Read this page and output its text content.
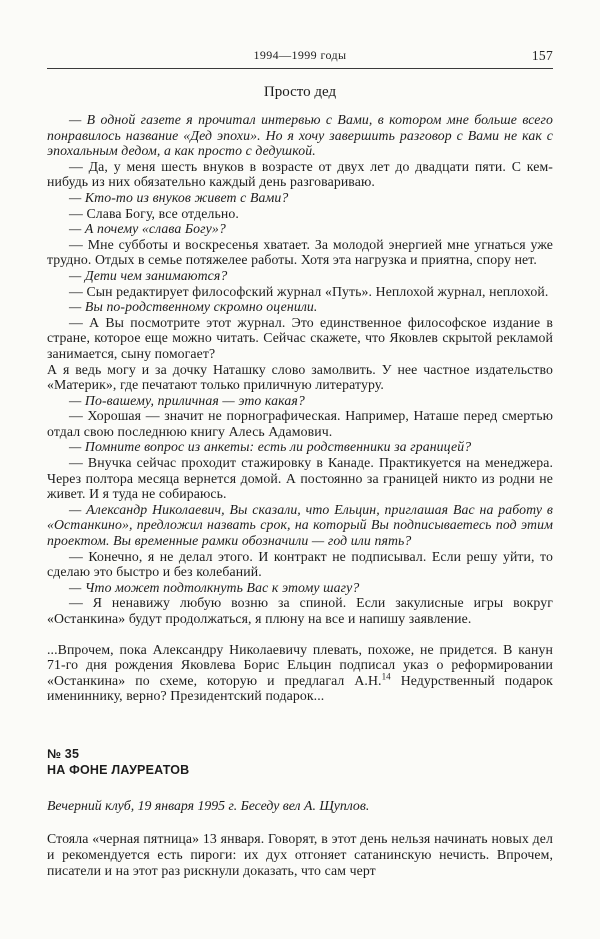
1994—1999 годы	157
Просто дед

— В одной газете я прочитал интервью с Вами, в котором мне больше всего понравилось название «Дед эпохи». Но я хочу завершить разговор с Вами не как с эпохальным дедом, а как просто с дедушкой.

— Да, у меня шесть внуков в возрасте от двух лет до двадцати пяти. С кем-нибудь из них обязательно каждый день разговариваю.

— Кто-то из внуков живет с Вами?

— Слава Богу, все отдельно.

— А почему «слава Богу»?

— Мне субботы и воскресенья хватает. За молодой энергией мне угнаться уже трудно. Отдых в семье потяжелее работы. Хотя эта нагрузка и приятна, спору нет.

— Дети чем занимаются?

— Сын редактирует философский журнал «Путь». Неплохой журнал, неплохой.

— Вы по-родственному скромно оценили.

— А Вы посмотрите этот журнал. Это единственное философское издание в стране, которое еще можно читать. Сейчас скажете, что Яковлев скрытой рекламой занимается, сыну помогает?

А я ведь могу и за дочку Наташку слово замолвить. У нее частное издательство «Материк», где печатают только приличную литературу.

— По-вашему, приличная — это какая?

— Хорошая — значит не порнографическая. Например, Наташе перед смертью отдал свою последнюю книгу Алесь Адамович.

— Помните вопрос из анкеты: есть ли родственники за границей?

— Внучка сейчас проходит стажировку в Канаде. Практикуется на менеджера. Через полтора месяца вернется домой. А постоянно за границей никто из родни не живет. И я туда не собираюсь.

— Александр Николаевич, Вы сказали, что Ельцин, приглашая Вас на работу в «Останкино», предложил назвать срок, на который Вы подписываетесь под этим проектом. Вы временные рамки обозначили — год или пять?

— Конечно, я не делал этого. И контракт не подписывал. Если решу уйти, то сделаю это быстро и без колебаний.

— Что может подтолкнуть Вас к этому шагу?

— Я ненавижу любую возню за спиной. Если закулисные игры вокруг «Останкина» будут продолжаться, я плюну на все и напишу заявление.

...Впрочем, пока Александру Николаевичу плевать, похоже, не придется. В канун 71-го дня рождения Яковлева Борис Ельцин подписал указ о реформировании «Останкина» по схеме, которую и предлагал А.Н.$^{14}$ Недурственный подарок имениннику, верно? Президентский подарок...

№ 35
НА ФОНЕ ЛАУРЕАТОВ
Вечерний клуб, 19 января 1995 г. Беседу вел А. Щуплов.

Стояла «черная пятница» 13 января. Говорят, в этот день нельзя начинать новых дел и рекомендуется есть пироги: их дух отгоняет сатанинскую нечисть. Впрочем, писатели и на этот раз рискнули доказать, что сам черт
